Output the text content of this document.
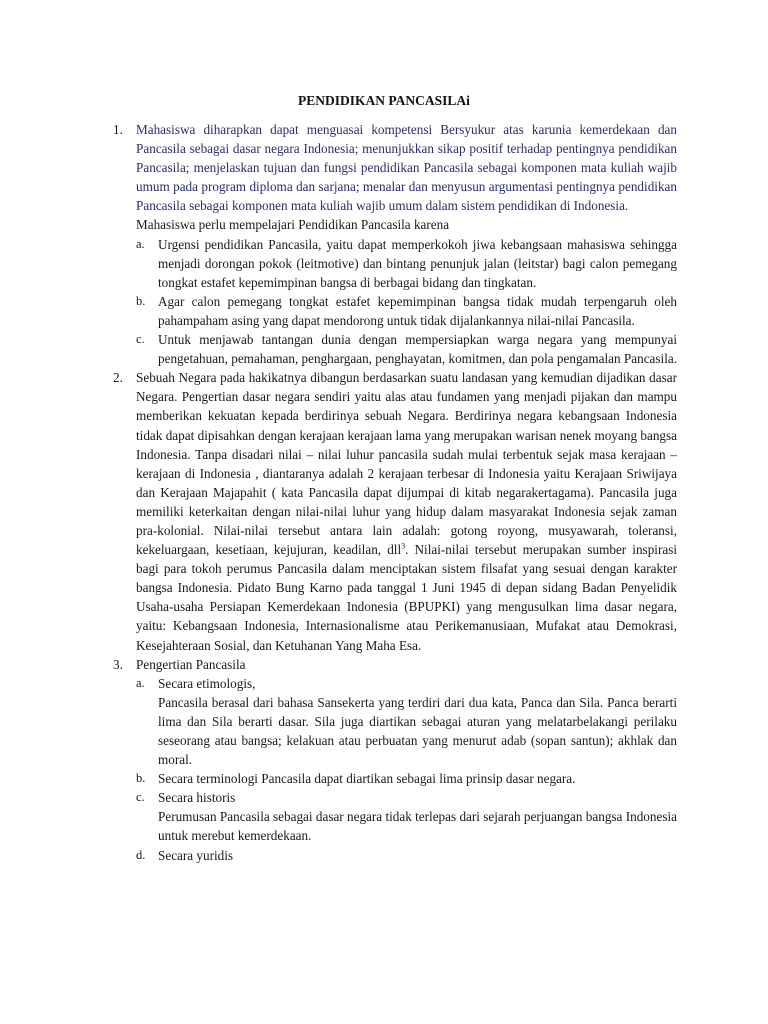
PENDIDIKAN PANCASILAi
1. Mahasiswa diharapkan dapat menguasai kompetensi Bersyukur atas karunia kemerdekaan dan Pancasila sebagai dasar negara Indonesia; menunjukkan sikap positif terhadap pentingnya pendidikan Pancasila; menjelaskan tujuan dan fungsi pendidikan Pancasila sebagai komponen mata kuliah wajib umum pada program diploma dan sarjana; menalar dan menyusun argumentasi pentingnya pendidikan Pancasila sebagai komponen mata kuliah wajib umum dalam sistem pendidikan di Indonesia.

Mahasiswa perlu mempelajari Pendidikan Pancasila karena

a. Urgensi pendidikan Pancasila, yaitu dapat memperkokoh jiwa kebangsaan mahasiswa sehingga menjadi dorongan pokok (leitmotive) dan bintang penunjuk jalan (leitstar) bagi calon pemegang tongkat estafet kepemimpinan bangsa di berbagai bidang dan tingkatan.

b. Agar calon pemegang tongkat estafet kepemimpinan bangsa tidak mudah terpengaruh oleh pahampaham asing yang dapat mendorong untuk tidak dijalankannya nilai-nilai Pancasila.

c. Untuk menjawab tantangan dunia dengan mempersiapkan warga negara yang mempunyai pengetahuan, pemahaman, penghargaan, penghayatan, komitmen, dan pola pengamalan Pancasila.

2. Sebuah Negara pada hakikatnya dibangun berdasarkan suatu landasan yang kemudian dijadikan dasar Negara. Pengertian dasar negara sendiri yaitu alas atau fundamen yang menjadi pijakan dan mampu memberikan kekuatan kepada berdirinya sebuah Negara. Berdirinya negara kebangsaan Indonesia tidak dapat dipisahkan dengan kerajaan kerajaan lama yang merupakan warisan nenek moyang bangsa Indonesia. Tanpa disadari nilai – nilai luhur pancasila sudah mulai terbentuk sejak masa kerajaan – kerajaan di Indonesia , diantaranya adalah 2 kerajaan terbesar di Indonesia yaitu Kerajaan Sriwijaya dan Kerajaan Majapahit ( kata Pancasila dapat dijumpai di kitab negarakertagama). Pancasila juga memiliki keterkaitan dengan nilai-nilai luhur yang hidup dalam masyarakat Indonesia sejak zaman pra-kolonial. Nilai-nilai tersebut antara lain adalah: gotong royong, musyawarah, toleransi, kekeluargaan, kesetiaan, kejujuran, keadilan, dll$^3$. Nilai-nilai tersebut merupakan sumber inspirasi bagi para tokoh perumus Pancasila dalam menciptakan sistem filsafat yang sesuai dengan karakter bangsa Indonesia. Pidato Bung Karno pada tanggal 1 Juni 1945 di depan sidang Badan Penyelidik Usaha-usaha Persiapan Kemerdekaan Indonesia (BPUPKI) yang mengusulkan lima dasar negara, yaitu: Kebangsaan Indonesia, Internasionalisme atau Perikemanusiaan, Mufakat atau Demokrasi, Kesejahteraan Sosial, dan Ketuhanan Yang Maha Esa.

3. Pengertian Pancasila

a. Secara etimologis,

Pancasila berasal dari bahasa Sansekerta yang terdiri dari dua kata, Panca dan Sila. Panca berarti lima dan Sila berarti dasar. Sila juga diartikan sebagai aturan yang melatarbelakangi perilaku seseorang atau bangsa; kelakuan atau perbuatan yang menurut adab (sopan santun); akhlak dan moral.

b. Secara terminologi Pancasila dapat diartikan sebagai lima prinsip dasar negara.

c. Secara historis

Perumusan Pancasila sebagai dasar negara tidak terlepas dari sejarah perjuangan bangsa Indonesia untuk merebut kemerdekaan.

d. Secara yuridis
